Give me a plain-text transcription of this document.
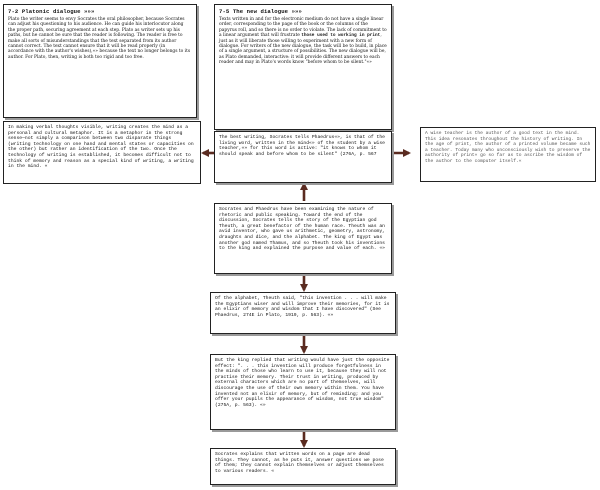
7-2 Platonic dialogue »»»

Plato the writer seems to envy Socrates the oral philosopher, because Socrates can adjust his questioning to his audience. He can guide his interlocutor along the proper path, securing agreement at each step. Plato as writer sets up his paths, but he cannot be sure that the reader is following. The reader is free to make all sorts of misunderstandings that the text separated from its author cannot correct. The text cannot ensure that it will be read properly (in accordance with the author's wishes),«» because the text no longer belongs to its author. For Plato, then, writing is both too rigid and too free.

7-5 The new dialogue »»»

Texts written in and for the electronic medium do not have a single linear order, corresponding to the page of the book or the columns of the papyrus roll, and so there is no order to violate. The lack of commitment to a linear argument that will frustrate those used to working in print, just as it will liberate those willing to experiment with a new form of dialogue. For writers of the new dialogue, the task will be to build, in place of a single argument, a structure of possibilities. The new dialogue will be, as Plato demanded, interactive: it will provide different answers to each reader and may in Plato's words know "before whom to be silent."«»

In making verbal thoughts visible, writing creates the mind as a personal and cultural metaphor. It is a metaphor in the strong sense—not simply a comparison between two disparate things (writing technology on one hand and mental states or capacities on the other) but rather an identification of the two. Once the technology of writing is established, it becomes difficult not to think of memory and reason as a special kind of writing, a writing in the mind. «

The best writing, Socrates tells Phaedrus«», is that of the living word, written in the mind«» of the student by a wise teacher,«» for this word is active: "it knows to whom it should speak and before whom to be silent" (276A, p. 567

A wise teacher is the author of a good text in the mind. This idea resonates throughout the history of writing. In the age of print, the author of a printed volume became such a teacher. Today many who unconsciously wish to preserve the authority of print« go so far as to ascribe the wisdom of the author to the computer itself.«

Socrates and Phaedrus have been examining the nature of rhetoric and public speaking. Toward the end of the discussion, Socrates tells the story of the Egyptian god Theuth, a great benefactor of the human race. Theuth was an avid inventor, who gave us arithmetic, geometry, astronomy, draughts and dice, and the alphabet. The king of Egypt was another god named Thamus, and so Theuth took his inventions to the king and explained the purpose and value of each. «»

Of the alphabet, Theuth said, "this invention . . . will make the Egyptians wiser and will improve their memories, for it is an elixir of memory and wisdom that I have discovered" (See Phaedrus, 274E in Plato, 1919, p. 563). «»

But the king replied that writing would have just the opposite effect: ". . . this invention will produce forgetfulness in the minds of those who learn to use it, because they will not practise their memory. Their trust in writing, produced by external characters which are no part of themselves, will discourage the use of their own memory within them. You have invented not an elixir of memory, but of reminding; and you offer your pupils the appearance of wisdom, not true wisdom" (275A, p. 563). «»

Socrates explains that written words on a page are dead things. They cannot, as he puts it, answer questions we pose of them; they cannot explain themselves or adjust themselves to various readers. «
